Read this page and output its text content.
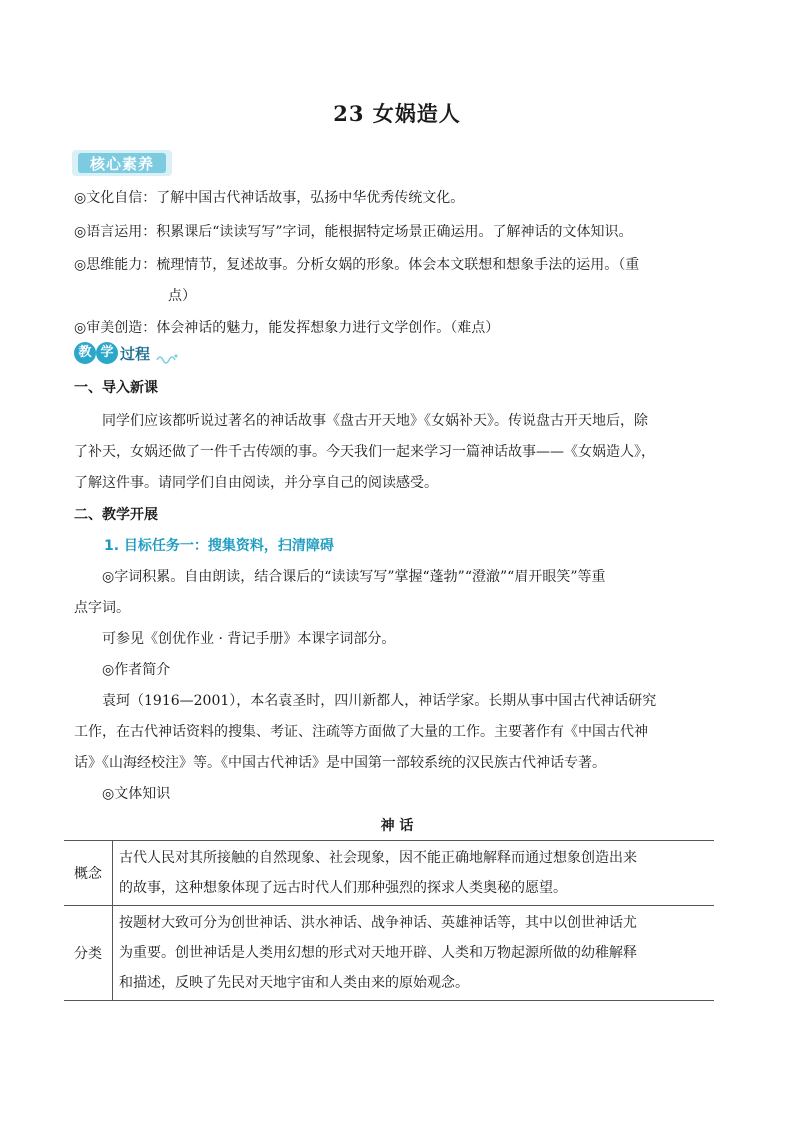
23 女娲造人
核心素养
◎文化自信：了解中国古代神话故事，弘扬中华优秀传统文化。
◎语言运用：积累课后“读读写写”字词，能根据特定场景正确运用。了解神话的文体知识。
◎思维能力：梳理情节，复述故事。分析女娲的形象。体会本文联想和想象手法的运用。（重
点）
◎审美创造：体会神话的魅力，能发挥想象力进行文学创作。（难点）
教 学 过程
一、导入新课
同学们应该都听说过著名的神话故事《盘古开天地》《女娲补天》。传说盘古开天地后，除
了补天，女娲还做了一件千古传颂的事。今天我们一起来学习一篇神话故事——《女娲造人》，
了解这件事。请同学们自由阅读，并分享自己的阅读感受。
二、教学开展
1. 目标任务一：搜集资料，扫清障碍
◎字词积累。自由朗读，结合课后的“读读写写”掌握“蓬勃”“澄澈”“眉开眼笑”等重
点字词。
可参见《创优作业 · 背记手册》本课字词部分。
◎作者简介
袁珂（1916—2001），本名袁圣时，四川新都人，神话学家。长期从事中国古代神话研究
工作，在古代神话资料的搜集、考证、注疏等方面做了大量的工作。主要著作有《中国古代神
话》《山海经校注》等。《中国古代神话》是中国第一部较系统的汉民族古代神话专著。
◎文体知识
神 话
概念	古代人民对其所接触的自然现象、社会现象，因不能正确地解释而通过想象创造出来
的故事，这种想象体现了远古时代人们那种强烈的探求人类奥秘的愿望。

分类	按题材大致可分为创世神话、洪水神话、战争神话、英雄神话等，其中以创世神话尤
为重要。创世神话是人类用幻想的形式对天地开辟、人类和万物起源所做的幼稚解释
和描述，反映了先民对天地宇宙和人类由来的原始观念。
